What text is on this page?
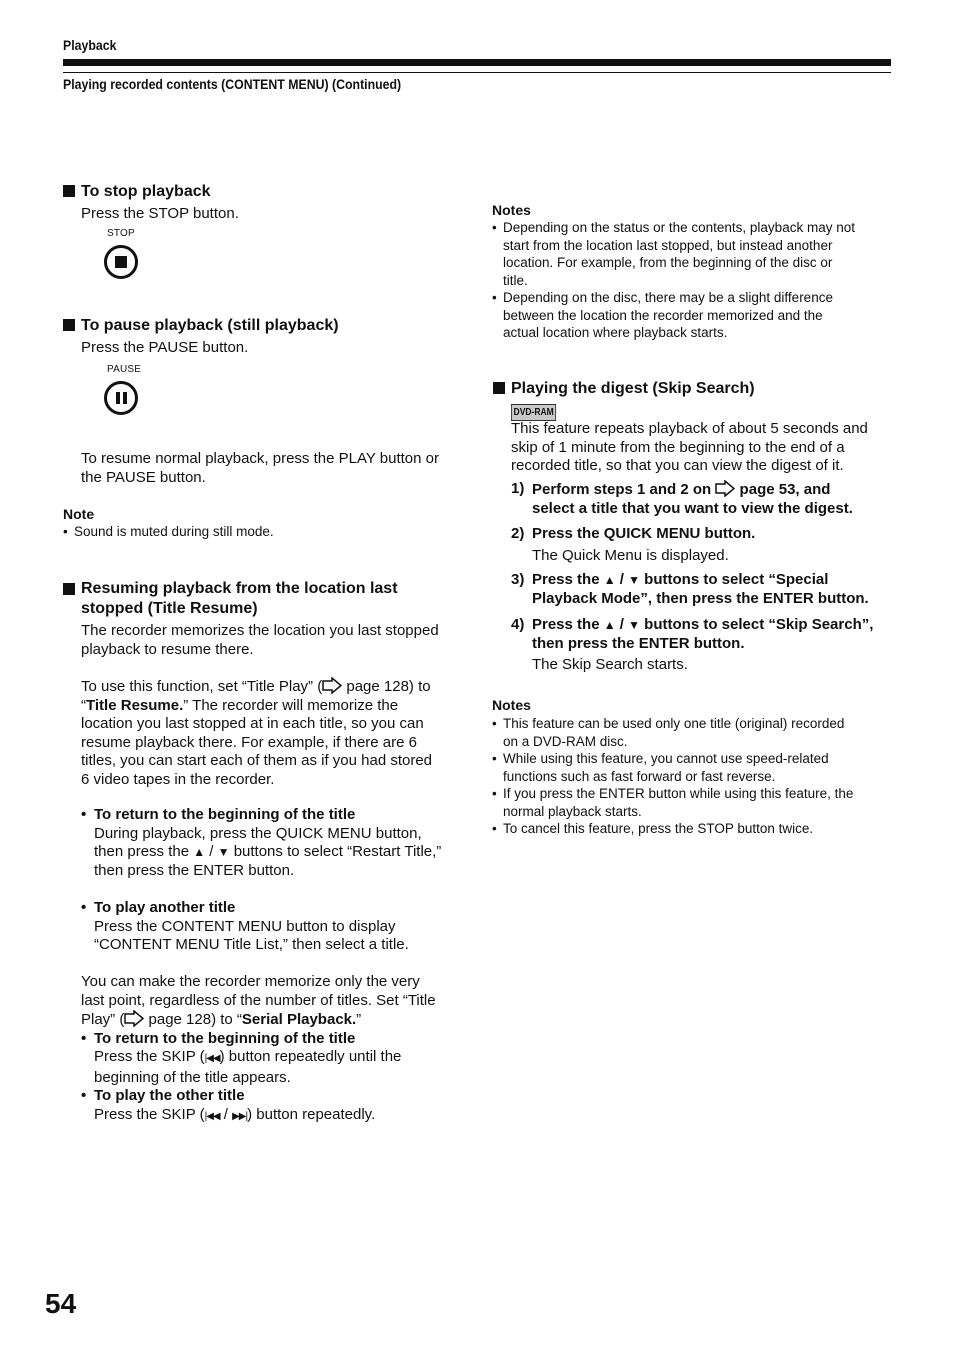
Playback
Playing recorded contents (CONTENT MENU) (Continued)
To stop playback
Press the STOP button.
STOP
To pause playback (still playback)
Press the PAUSE button.
PAUSE
To resume normal playback, press the PLAY button or
the PAUSE button.
Note
• Sound is muted during still mode.
Resuming playback from the location last
stopped (Title Resume)
The recorder memorizes the location you last stopped
playback to resume there.
To use this function, set “Title Play” ( page 128) to
“Title Resume.” The recorder will memorize the
location you last stopped at in each title, so you can
resume playback there. For example, if there are 6
titles, you can start each of them as if you had stored
6 video tapes in the recorder.
• To return to the beginning of the title
During playback, press the QUICK MENU button,
then press the ▲ / ▼ buttons to select “Restart Title,”
then press the ENTER button.
• To play another title
Press the CONTENT MENU button to display
“CONTENT MENU Title List,” then select a title.
You can make the recorder memorize only the very
last point, regardless of the number of titles. Set “Title
Play” ( page 128) to “Serial Playback.”
• To return to the beginning of the title
Press the SKIP (|◀◀) button repeatedly until the
beginning of the title appears.
• To play the other title
Press the SKIP (|◀◀ / ▶▶|) button repeatedly.
Notes
• Depending on the status or the contents, playback may not
start from the location last stopped, but instead another
location. For example, from the beginning of the disc or
title.
• Depending on the disc, there may be a slight difference
between the location the recorder memorized and the
actual location where playback starts.
Playing the digest (Skip Search)
DVD-RAM
This feature repeats playback of about 5 seconds and
skip of 1 minute from the beginning to the end of a
recorded title, so that you can view the digest of it.
1) Perform steps 1 and 2 on  page 53, and
select a title that you want to view the digest.
2) Press the QUICK MENU button.
The Quick Menu is displayed.
3) Press the ▲ / ▼ buttons to select “Special
Playback Mode”, then press the ENTER button.
4) Press the ▲ / ▼ buttons to select “Skip Search”,
then press the ENTER button.
The Skip Search starts.
Notes
• This feature can be used only one title (original) recorded
on a DVD-RAM disc.
• While using this feature, you cannot use speed-related
functions such as fast forward or fast reverse.
• If you press the ENTER button while using this feature, the
normal playback starts.
• To cancel this feature, press the STOP button twice.
54
